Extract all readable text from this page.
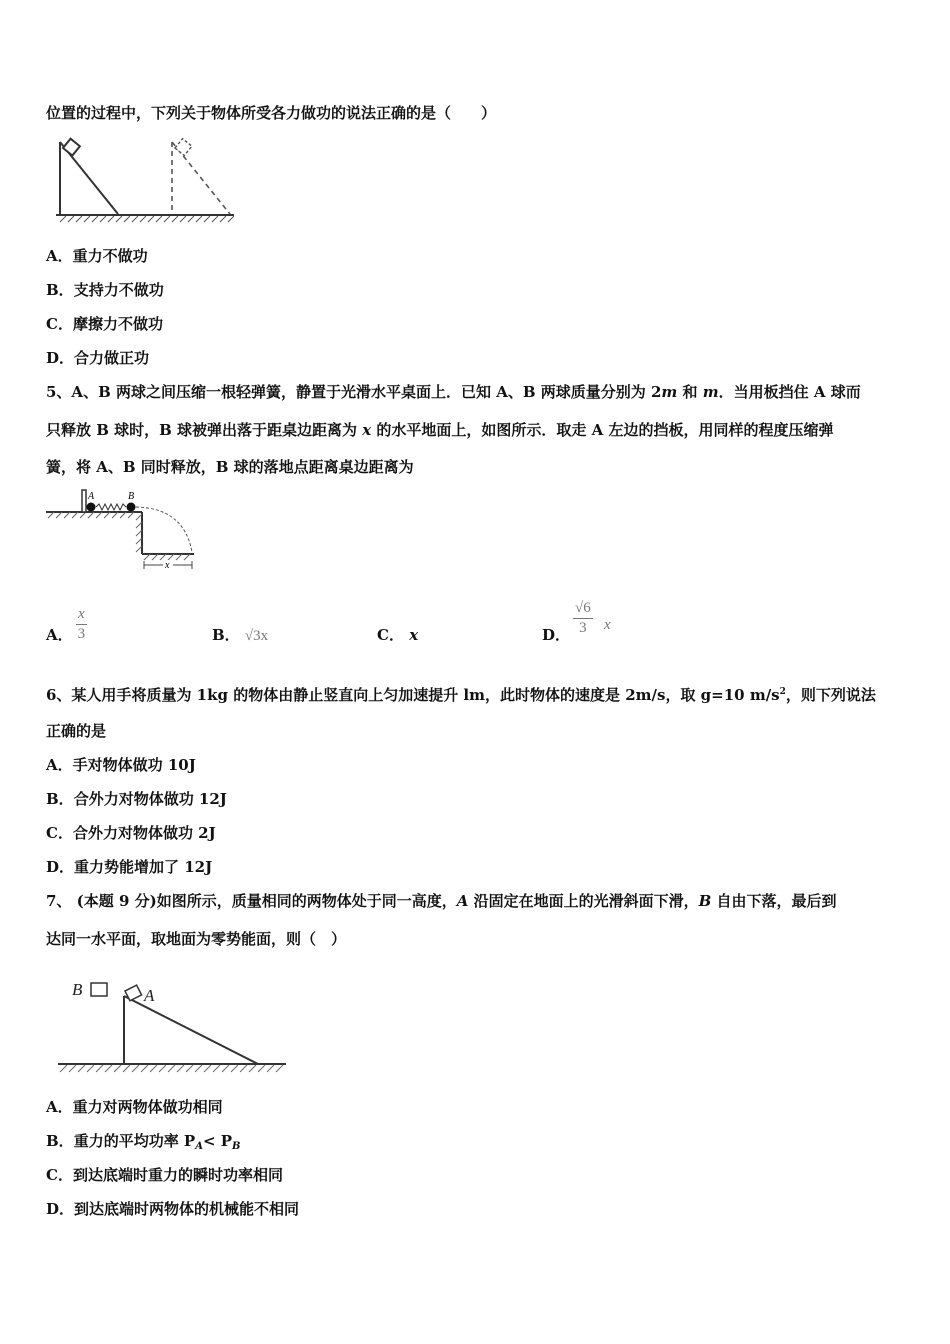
位置的过程中，下列关于物体所受各力做功的说法正确的是（　　）
A．重力不做功
B．支持力不做功
C．摩擦力不做功
D．合力做正功
5、A、B 两球之间压缩一根轻弹簧，静置于光滑水平桌面上．已知 A、B 两球质量分别为 2m 和 m．当用板挡住 A 球而
只释放 B 球时，B 球被弹出落于距桌边距离为 x 的水平地面上，如图所示．取走 A 左边的挡板，用同样的程度压缩弹
簧，将 A、B 同时释放，B 球的落地点距离桌边距离为
A	B
x
A． $\frac{x}{3}$	B． √3x	C． x	D． $\frac{√6}{3}$ x
6、某人用手将质量为 1kg 的物体由静止竖直向上匀加速提升 lm，此时物体的速度是 2m/s，取 g=10 $m/s^2$，则下列说法
正确的是
A．手对物体做功 10J
B．合外力对物体做功 12J
C．合外力对物体做功 2J
D．重力势能增加了 12J
7、 (本题 9 分)如图所示，质量相同的两物体处于同一高度，A 沿固定在地面上的光滑斜面下滑，B 自由下落，最后到
达同一水平面，取地面为零势能面，则（　）
B	A
A．重力对两物体做功相同
B．重力的平均功率 $P_A< P_B$
C．到达底端时重力的瞬时功率相同
D．到达底端时两物体的机械能不相同
